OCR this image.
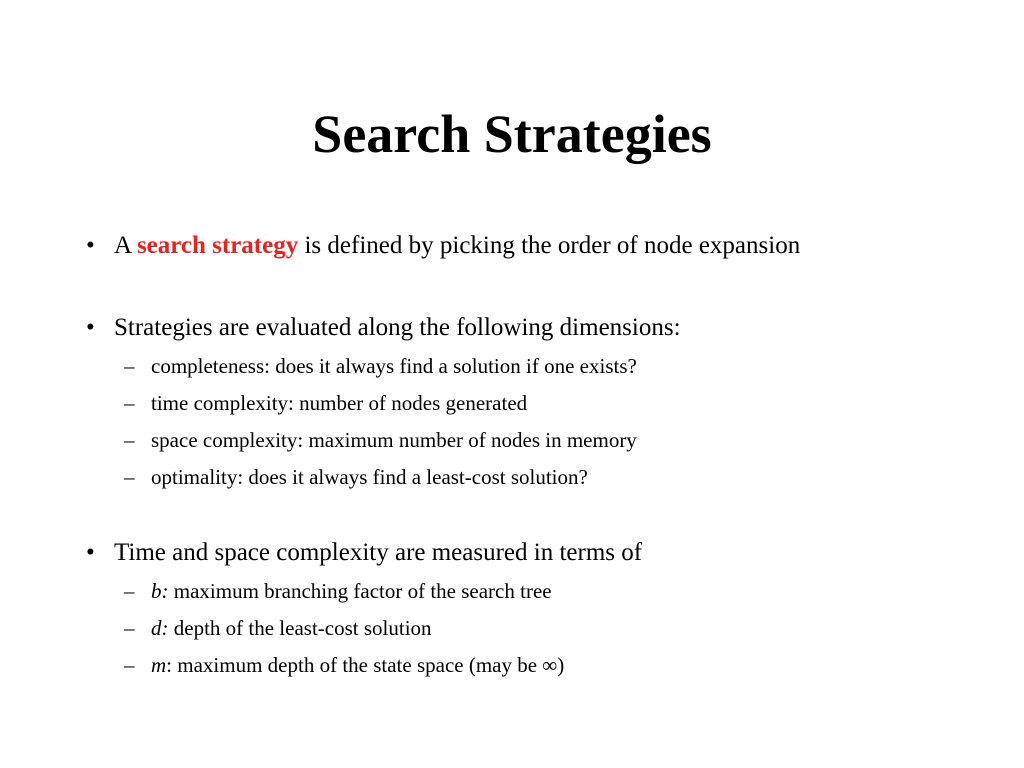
Search Strategies
• A search strategy is defined by picking the order of node expansion
• Strategies are evaluated along the following dimensions:
– completeness: does it always find a solution if one exists?
– time complexity: number of nodes generated
– space complexity: maximum number of nodes in memory
– optimality: does it always find a least-cost solution?
• Time and space complexity are measured in terms of
– b: maximum branching factor of the search tree
– d: depth of the least-cost solution
– m: maximum depth of the state space (may be ∞)
